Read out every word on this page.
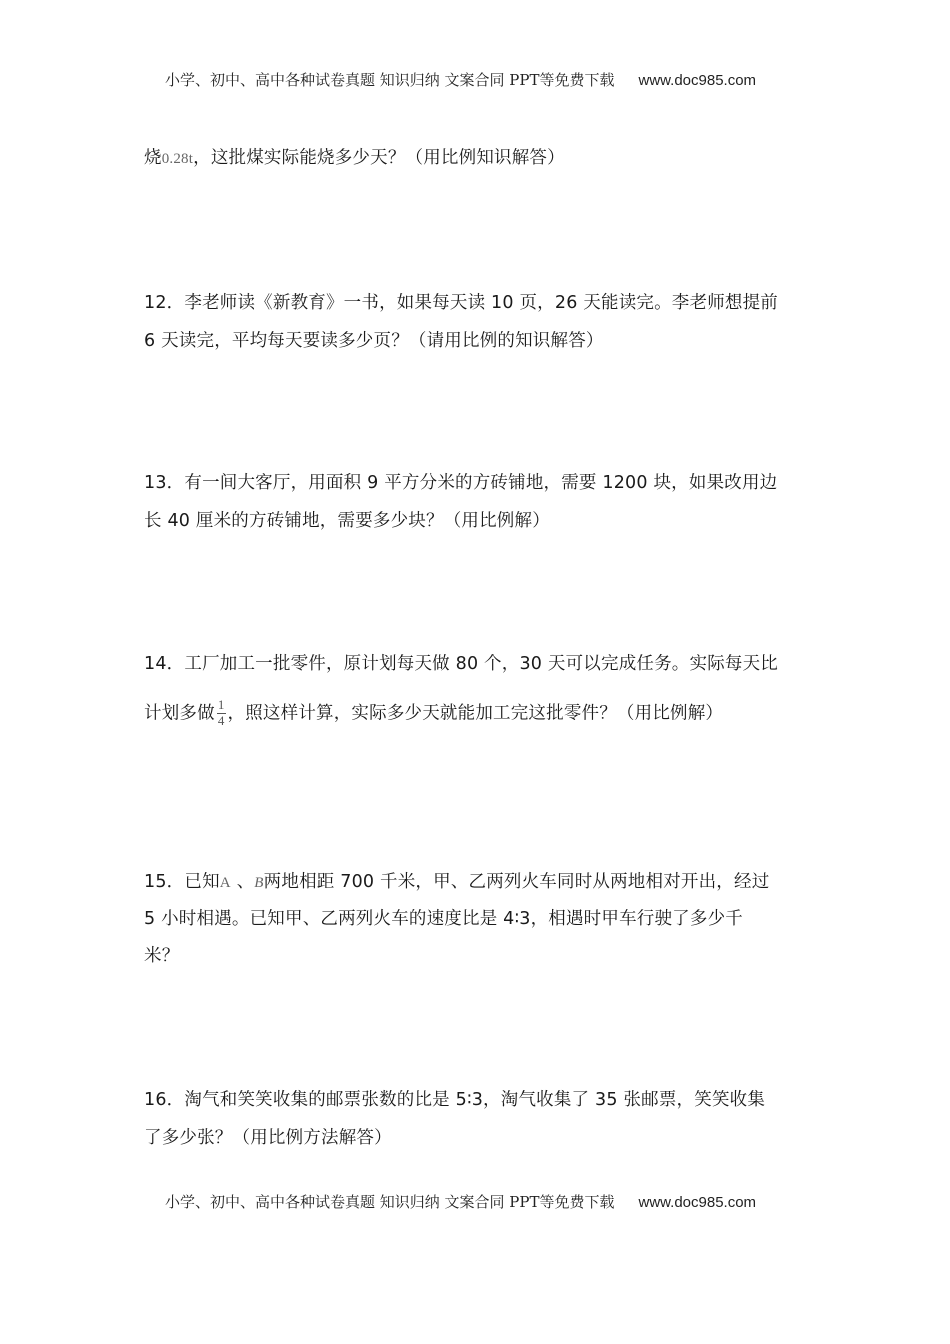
小学、初中、高中各种试卷真题 知识归纳 文案合同 PPT等免费下载 www.doc985.com
烧0.28t，这批煤实际能烧多少天？（用比例知识解答）
12．李老师读《新教育》一书，如果每天读 10 页，26 天能读完。李老师想提前
6 天读完，平均每天要读多少页？（请用比例的知识解答）
13．有一间大客厅，用面积 9 平方分米的方砖铺地，需要 1200 块，如果改用边
长 40 厘米的方砖铺地，需要多少块？（用比例解）
14．工厂加工一批零件，原计划每天做 80 个，30 天可以完成任务。实际每天比
计划多做 $\frac{1}{4}$ ，照这样计算，实际多少天就能加工完这批零件？（用比例解）
15．已知A 、B两地相距 700 千米，甲、乙两列火车同时从两地相对开出，经过
5 小时相遇。已知甲、乙两列火车的速度比是 4∶3，相遇时甲车行驶了多少千
米？
16．淘气和笑笑收集的邮票张数的比是 5∶3，淘气收集了 35 张邮票，笑笑收集
了多少张？（用比例方法解答）
小学、初中、高中各种试卷真题 知识归纳 文案合同 PPT等免费下载 www.doc985.com
